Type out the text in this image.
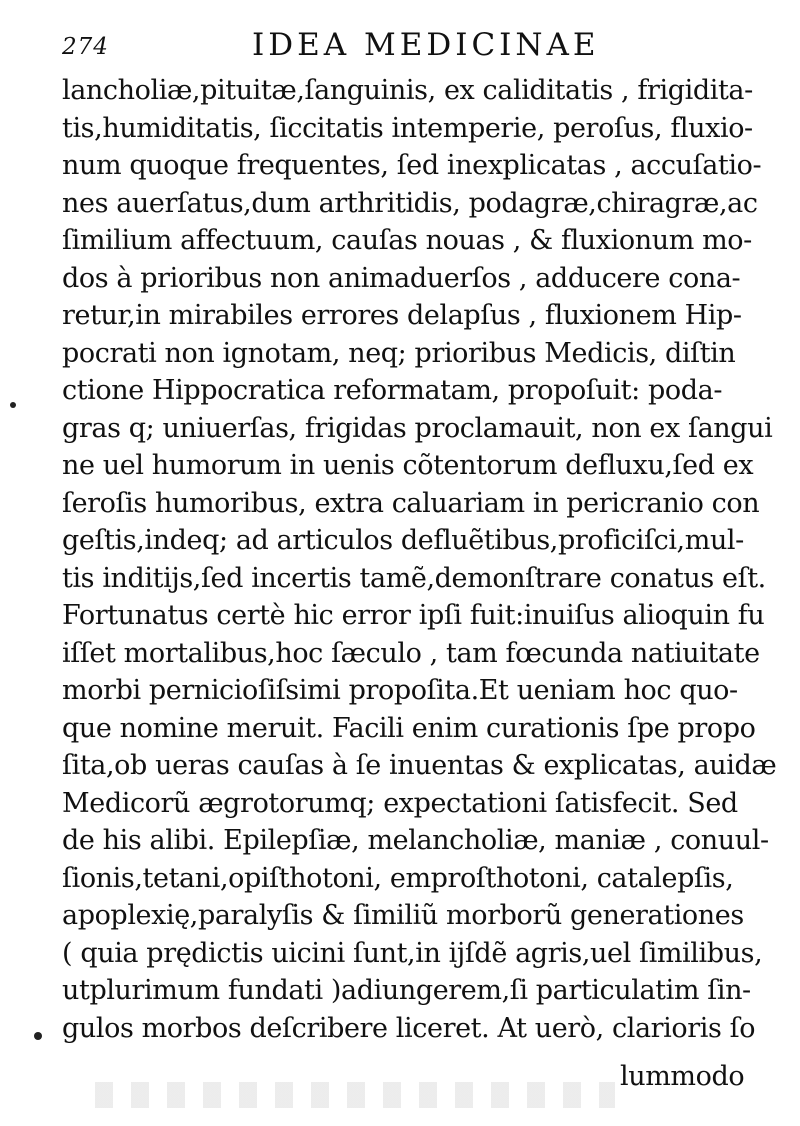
274	IDEA MEDICINAE
lancholiæ,pituitæ,ſanguinis, ex caliditatis , frigidita-
tis,humiditatis, ſiccitatis intemperie, peroſus, fluxio-
num quoque frequentes, ſed inexplicatas , accuſatio-
nes auerſatus,dum arthritidis, podagræ,chiragræ,ac
ſimilium affectuum, cauſas nouas , & fluxionum mo-
dos à prioribus non animaduerſos , adducere cona-
retur,in mirabiles errores delapſus , fluxionem Hip-
pocrati non ignotam, neq; prioribus Medicis, diſtin
ctione Hippocratica reformatam, propoſuit: poda-
gras q; uniuerſas, frigidas proclamauit, non ex ſangui
ne uel humorum in uenis cõtentorum defluxu,ſed ex
ſeroſis humoribus, extra caluariam in pericranio con
geſtis,indeq; ad articulos defluẽtibus,proficiſci,mul-
tis inditijs,ſed incertis tamẽ,demonſtrare conatus eſt.
Fortunatus certè hic error ipſi fuit:inuiſus alioquin fu
iſſet mortalibus,hoc ſæculo , tam fœcunda natiuitate
morbi pernicioſiſsimi propoſita.Et ueniam hoc quo-
que nomine meruit. Facili enim curationis ſpe propo
ſita,ob ueras cauſas à ſe inuentas & explicatas, auidæ
Medicorũ ægrotorumq; expectationi ſatisfecit. Sed
de his alibi. Epilepſiæ, melancholiæ, maniæ , conuul-
ſionis,tetani,opiſthotoni, emproſthotoni, catalepſis,
apoplexię,paralyſis & ſimiliũ morborũ generationes
( quia prędictis uicini ſunt,in ijſdẽ agris,uel ſimilibus,
utplurimum fundati )adiungerem,ſi particulatim ſin-
gulos morbos deſcribere liceret. At uerò, clarioris ſo
lummodo
